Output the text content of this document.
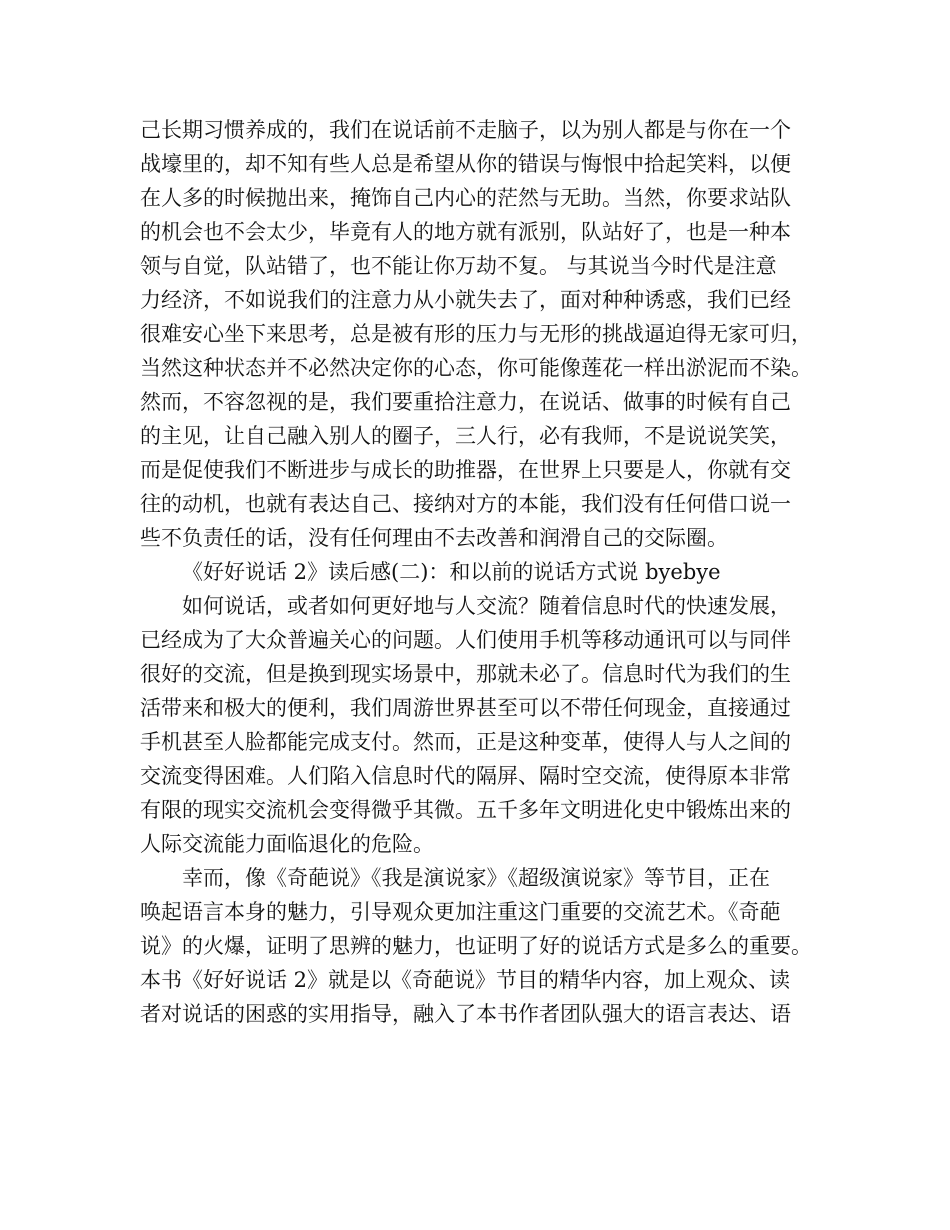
己长期习惯养成的，我们在说话前不走脑子，以为别人都是与你在一个
战壕里的，却不知有些人总是希望从你的错误与悔恨中拾起笑料，以便
在人多的时候抛出来，掩饰自己内心的茫然与无助。当然，你要求站队
的机会也不会太少，毕竟有人的地方就有派别，队站好了，也是一种本
领与自觉，队站错了，也不能让你万劫不复。 与其说当今时代是注意
力经济，不如说我们的注意力从小就失去了，面对种种诱惑，我们已经
很难安心坐下来思考，总是被有形的压力与无形的挑战逼迫得无家可归，
当然这种状态并不必然决定你的心态，你可能像莲花一样出淤泥而不染。
然而，不容忽视的是，我们要重拾注意力，在说话、做事的时候有自己
的主见，让自己融入别人的圈子，三人行，必有我师，不是说说笑笑，
而是促使我们不断进步与成长的助推器，在世界上只要是人，你就有交
往的动机，也就有表达自己、接纳对方的本能，我们没有任何借口说一
些不负责任的话，没有任何理由不去改善和润滑自己的交际圈。
《好好说话 2》读后感(二)：和以前的说话方式说 byebye
如何说话，或者如何更好地与人交流？随着信息时代的快速发展，
已经成为了大众普遍关心的问题。人们使用手机等移动通讯可以与同伴
很好的交流，但是换到现实场景中，那就未必了。信息时代为我们的生
活带来和极大的便利，我们周游世界甚至可以不带任何现金，直接通过
手机甚至人脸都能完成支付。然而，正是这种变革，使得人与人之间的
交流变得困难。人们陷入信息时代的隔屏、隔时空交流，使得原本非常
有限的现实交流机会变得微乎其微。五千多年文明进化史中锻炼出来的
人际交流能力面临退化的危险。
幸而，像《奇葩说》《我是演说家》《超级演说家》等节目，正在
唤起语言本身的魅力，引导观众更加注重这门重要的交流艺术。《奇葩
说》的火爆，证明了思辨的魅力，也证明了好的说话方式是多么的重要。
本书《好好说话 2》就是以《奇葩说》节目的精华内容，加上观众、读
者对说话的困惑的实用指导，融入了本书作者团队强大的语言表达、语
